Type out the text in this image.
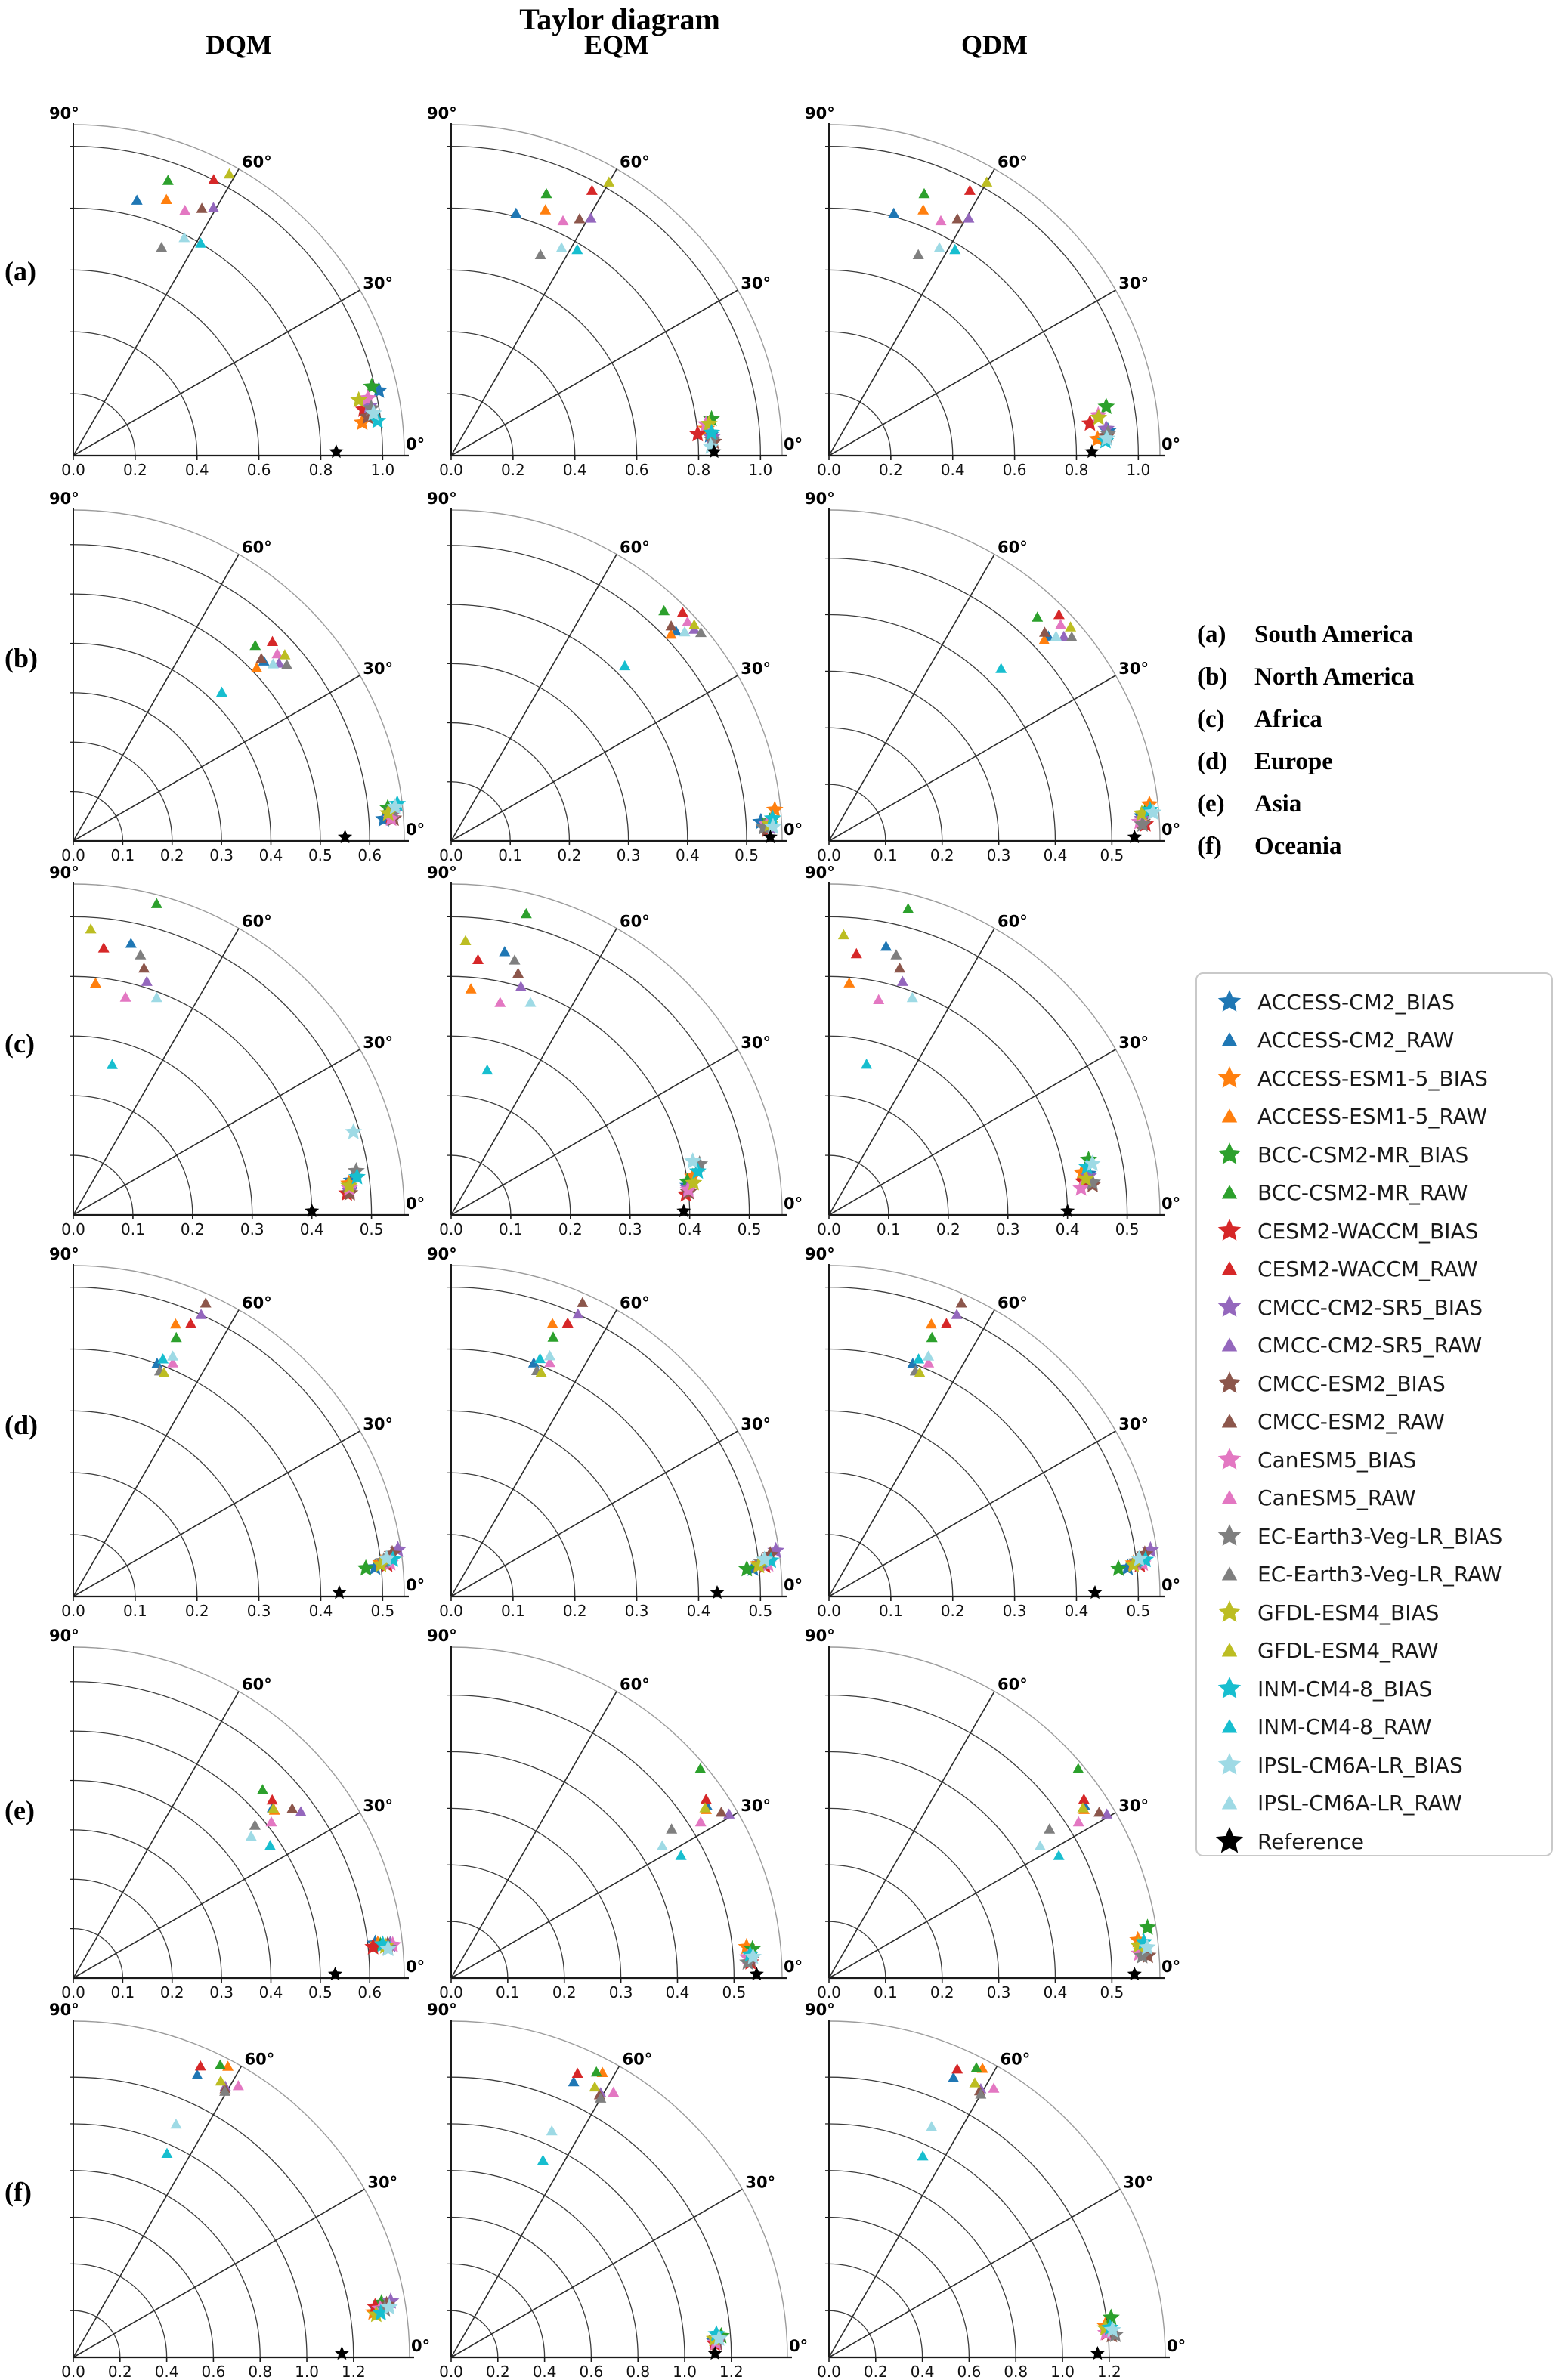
Taylor diagram
DQM	EQM	QDM
(a)
(b)
(c)
(d)
(e)
(f)
(a) South America
(b) North America
(c) Africa
(d) Europe
(e) Asia
(f) Oceania
ACCESS-CM2_BIAS
ACCESS-CM2_RAW
ACCESS-ESM1-5_BIAS
ACCESS-ESM1-5_RAW
BCC-CSM2-MR_BIAS
BCC-CSM2-MR_RAW
CESM2-WACCM_BIAS
CESM2-WACCM_RAW
CMCC-CM2-SR5_BIAS
CMCC-CM2-SR5_RAW
CMCC-ESM2_BIAS
CMCC-ESM2_RAW
CanESM5_BIAS
CanESM5_RAW
EC-Earth3-Veg-LR_BIAS
EC-Earth3-Veg-LR_RAW
GFDL-ESM4_BIAS
GFDL-ESM4_RAW
INM-CM4-8_BIAS
INM-CM4-8_RAW
IPSL-CM6A-LR_BIAS
IPSL-CM6A-LR_RAW
Reference
30°
60°
0.0	0.2	0.4	0.6	0.8	1.0
90°
0°
30°
60°
0.0	0.2	0.4	0.6	0.8	1.0
90°
0°
30°
60°
0.0	0.2	0.4	0.6	0.8	1.0
90°
0°
30°
60°
0.0 0.1 0.2 0.3 0.4 0.5 0.6
90°
0°
30°
60°
0.0 0.1 0.2 0.3 0.4 0.5
90°
0°
30°
60°
0.0 0.1 0.2 0.3 0.4 0.5
90°
0°
30°
60°
0.0 0.1 0.2 0.3 0.4 0.5
90°
0°
30°
60°
0.0 0.1 0.2 0.3 0.4 0.5
90°
0°
30°
60°
0.0 0.1 0.2 0.3 0.4 0.5
90°
0°
30°
60°
0.0	0.1	0.2	0.3	0.4	0.5
90°
0°
30°
60°
0.0	0.1	0.2	0.3	0.4	0.5
90°
0°
30°
60°
0.0	0.1	0.2	0.3	0.4	0.5
90°
0°
30°
60°
0.0 0.1 0.2 0.3 0.4 0.5 0.6
90°
0°
30°
60°
0.0 0.1 0.2 0.3 0.4 0.5
90°
0°
30°
60°
0.0 0.1 0.2 0.3 0.4 0.5
90°
0°
30°
60°
0.0 0.2 0.4 0.6 0.8 1.0 1.2
90°
0°
30°
60°
0.0 0.2 0.4 0.6 0.8 1.0 1.2
90°
0°
30°
60°
0.0 0.2 0.4 0.6 0.8 1.0 1.2
90°
0°
